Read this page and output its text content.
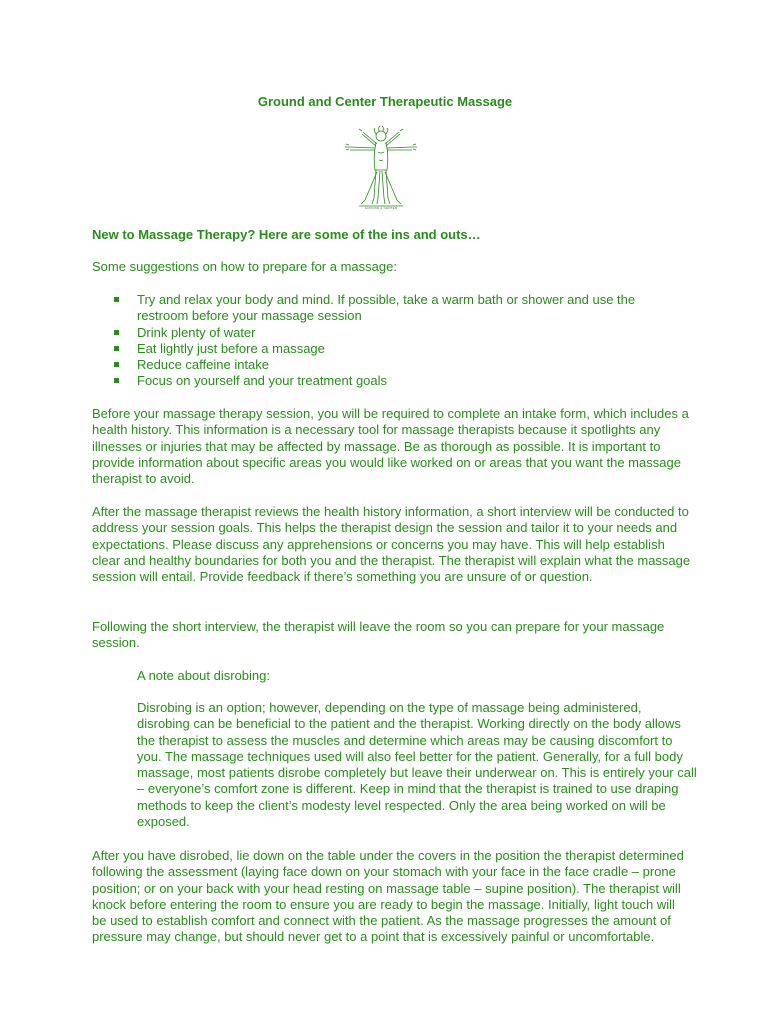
Ground and Center Therapeutic Massage
GROUND & CENTER
New to Massage Therapy? Here are some of the ins and outs…
Some suggestions on how to prepare for a massage:
Try and relax your body and mind. If possible, take a warm bath or shower and use the restroom before your massage session
Drink plenty of water
Eat lightly just before a massage
Reduce caffeine intake
Focus on yourself and your treatment goals

Before your massage therapy session, you will be required to complete an intake form, which includes a health history. This information is a necessary tool for massage therapists because it spotlights any illnesses or injuries that may be affected by massage. Be as thorough as possible. It is important to provide information about specific areas you would like worked on or areas that you want the massage therapist to avoid.

After the massage therapist reviews the health history information, a short interview will be conducted to address your session goals. This helps the therapist design the session and tailor it to your needs and expectations. Please discuss any apprehensions or concerns you may have. This will help establish clear and healthy boundaries for both you and the therapist. The therapist will explain what the massage session will entail. Provide feedback if there’s something you are unsure of or question.

Following the short interview, the therapist will leave the room so you can prepare for your massage session.

A note about disrobing:

Disrobing is an option; however, depending on the type of massage being administered, disrobing can be beneficial to the patient and the therapist. Working directly on the body allows the therapist to assess the muscles and determine which areas may be causing discomfort to you. The massage techniques used will also feel better for the patient. Generally, for a full body massage, most patients disrobe completely but leave their underwear on. This is entirely your call – everyone’s comfort zone is different. Keep in mind that the therapist is trained to use draping methods to keep the client’s modesty level respected. Only the area being worked on will be exposed.

After you have disrobed, lie down on the table under the covers in the position the therapist determined following the assessment (laying face down on your stomach with your face in the face cradle – prone position; or on your back with your head resting on massage table – supine position). The therapist will knock before entering the room to ensure you are ready to begin the massage. Initially, light touch will be used to establish comfort and connect with the patient. As the massage progresses the amount of pressure may change, but should never get to a point that is excessively painful or uncomfortable.
